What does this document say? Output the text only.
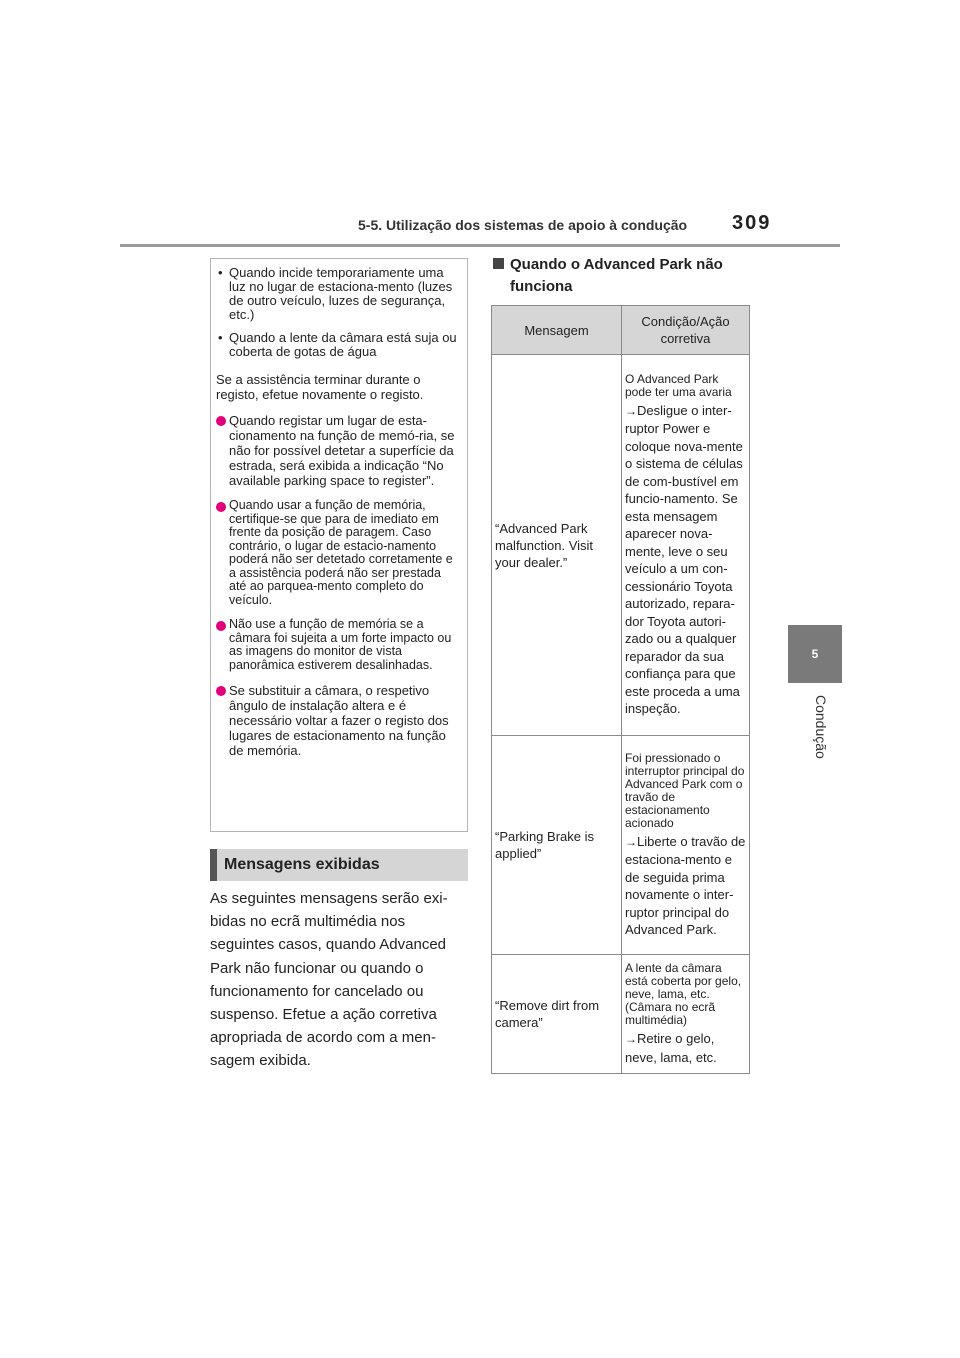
5-5. Utilização dos sistemas de apoio à condução 309
5
Condução
• Quando incide temporariamente uma luz no lugar de estaciona-mento (luzes de outro veículo, luzes de segurança, etc.)
• Quando a lente da câmara está suja ou coberta de gotas de água
Se a assistência terminar durante o registo, efetue novamente o registo.
Quando registar um lugar de esta-cionamento na função de memó-ria, se não for possível detetar a superfície da estrada, será exibida a indicação “No available parking space to register”.
Quando usar a função de memória, certifique-se que para de imediato em frente da posição de paragem. Caso contrário, o lugar de estacio-namento poderá não ser detetado corretamente e a assistência poderá não ser prestada até ao parquea-mento completo do veículo.
Não use a função de memória se a câmara foi sujeita a um forte impacto ou as imagens do monitor de vista panorâmica estiverem desalinhadas.
Se substituir a câmara, o respetivo ângulo de instalação altera e é necessário voltar a fazer o registo dos lugares de estacionamento na função de memória.
Mensagens exibidas
As seguintes mensagens serão exi-bidas no ecrã multimédia nos seguintes casos, quando Advanced Park não funcionar ou quando o funcionamento for cancelado ou suspenso. Efetue a ação corretiva apropriada de acordo com a men-sagem exibida.
Quando o Advanced Park não
funciona
Mensagem	Condição/Ação corretiva
“Advanced Park malfunction. Visit your dealer.”	O Advanced Park pode ter uma avaria
→Desligue o inter-ruptor Power e coloque nova-mente o sistema de células de com-bustível em funcio-namento. Se esta mensagem aparecer nova-mente, leve o seu veículo a um con-cessionário Toyota autorizado, repara-dor Toyota autori-zado ou a qualquer reparador da sua confiança para que este proceda a uma inspeção.

“Parking Brake is applied”	Foi pressionado o interruptor principal do Advanced Park com o travão de estacionamento acionado
→Liberte o travão de estaciona-mento e de seguida prima novamente o inter-ruptor principal do Advanced Park.

“Remove dirt from camera”	A lente da câmara está coberta por gelo, neve, lama, etc. (Câmara no ecrã multimédia)
→Retire o gelo, neve, lama, etc.
